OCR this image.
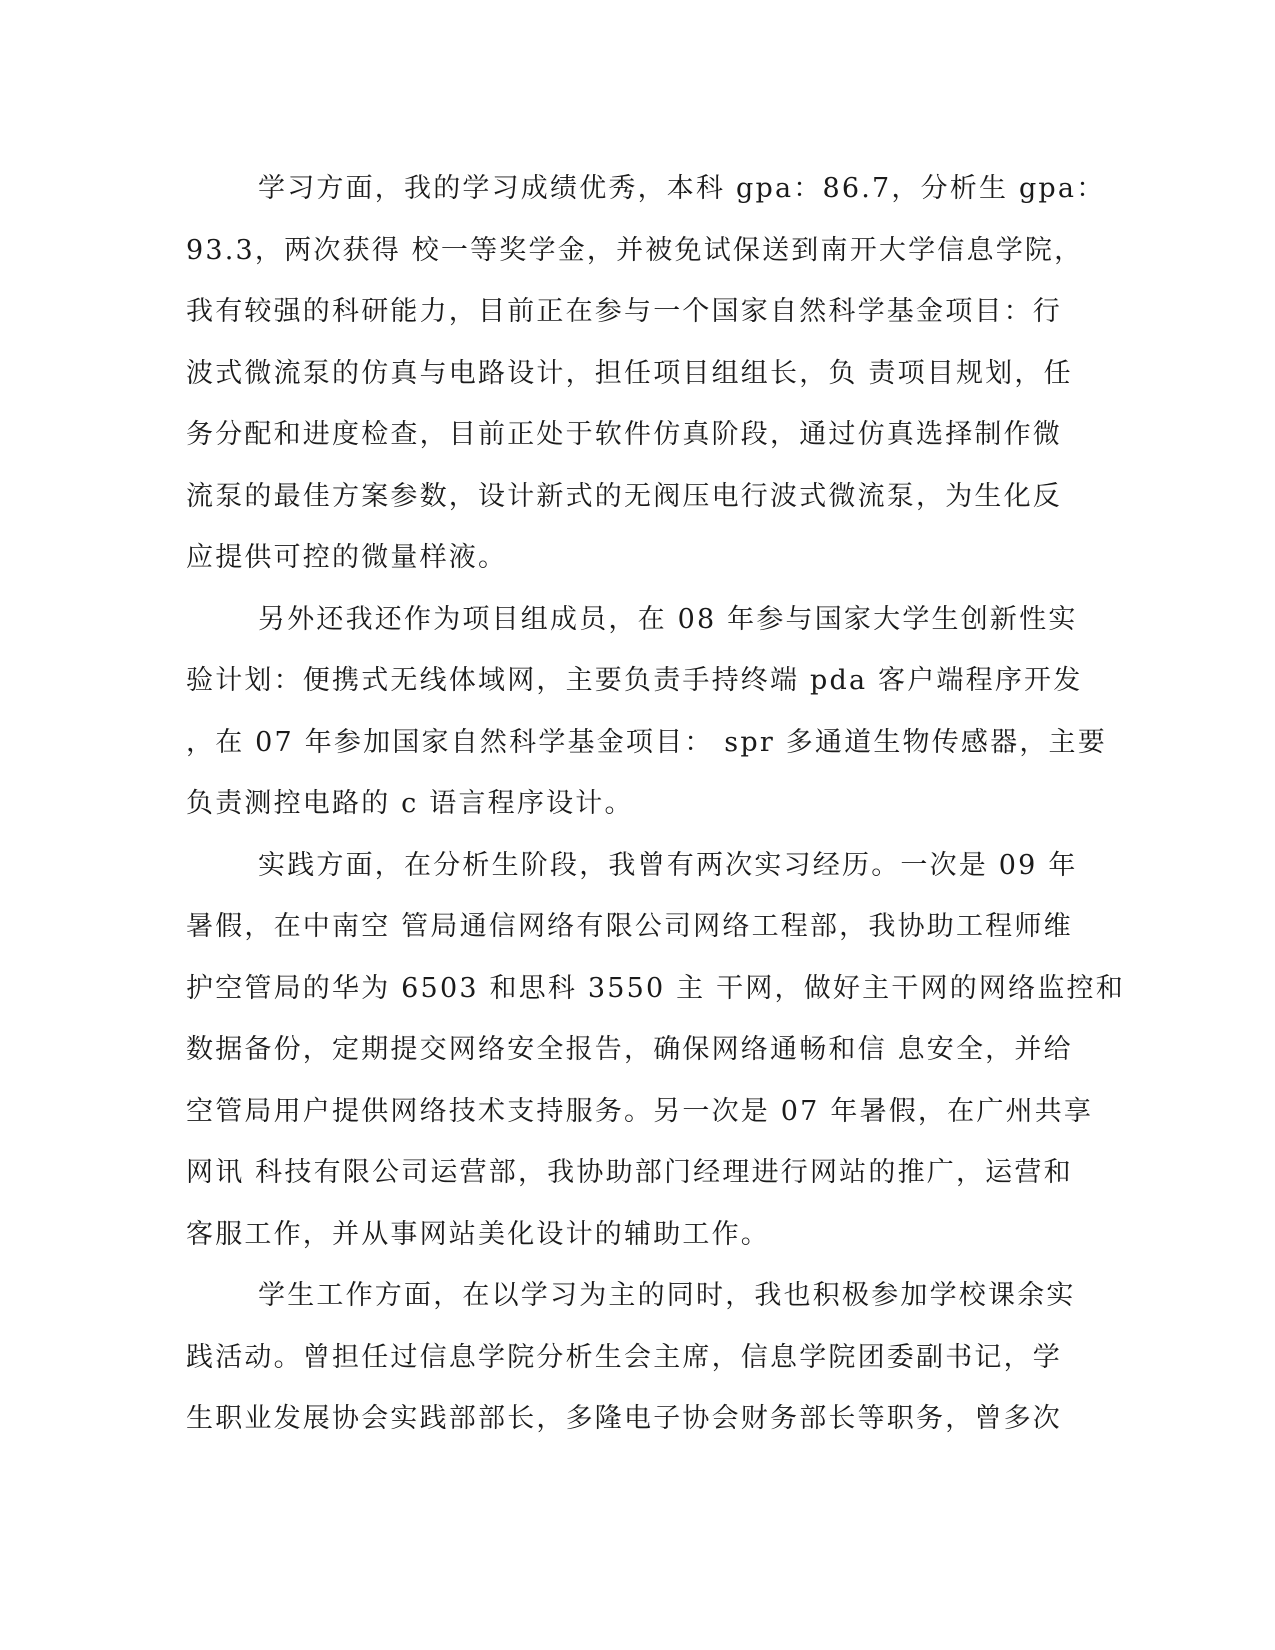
学习方面，我的学习成绩优秀，本科 gpa：86.7，分析生 gpa：
93.3，两次获得 校一等奖学金，并被免试保送到南开大学信息学院，
我有较强的科研能力，目前正在参与一个国家自然科学基金项目：行
波式微流泵的仿真与电路设计，担任项目组组长，负 责项目规划，任
务分配和进度检查，目前正处于软件仿真阶段，通过仿真选择制作微
流泵的最佳方案参数，设计新式的无阀压电行波式微流泵，为生化反
应提供可控的微量样液。
另外还我还作为项目组成员，在 08 年参与国家大学生创新性实
验计划：便携式无线体域网，主要负责手持终端 pda 客户端程序开发
，在 07 年参加国家自然科学基金项目： spr 多通道生物传感器，主要
负责测控电路的 c 语言程序设计。
实践方面，在分析生阶段，我曾有两次实习经历。一次是 09 年
暑假，在中南空 管局通信网络有限公司网络工程部，我协助工程师维
护空管局的华为 6503 和思科 3550 主 干网，做好主干网的网络监控和
数据备份，定期提交网络安全报告，确保网络通畅和信 息安全，并给
空管局用户提供网络技术支持服务。另一次是 07 年暑假，在广州共享
网讯 科技有限公司运营部，我协助部门经理进行网站的推广，运营和
客服工作，并从事网站美化设计的辅助工作。
学生工作方面，在以学习为主的同时，我也积极参加学校课余实
践活动。曾担任过信息学院分析生会主席，信息学院团委副书记，学
生职业发展协会实践部部长，多隆电子协会财务部长等职务，曾多次
